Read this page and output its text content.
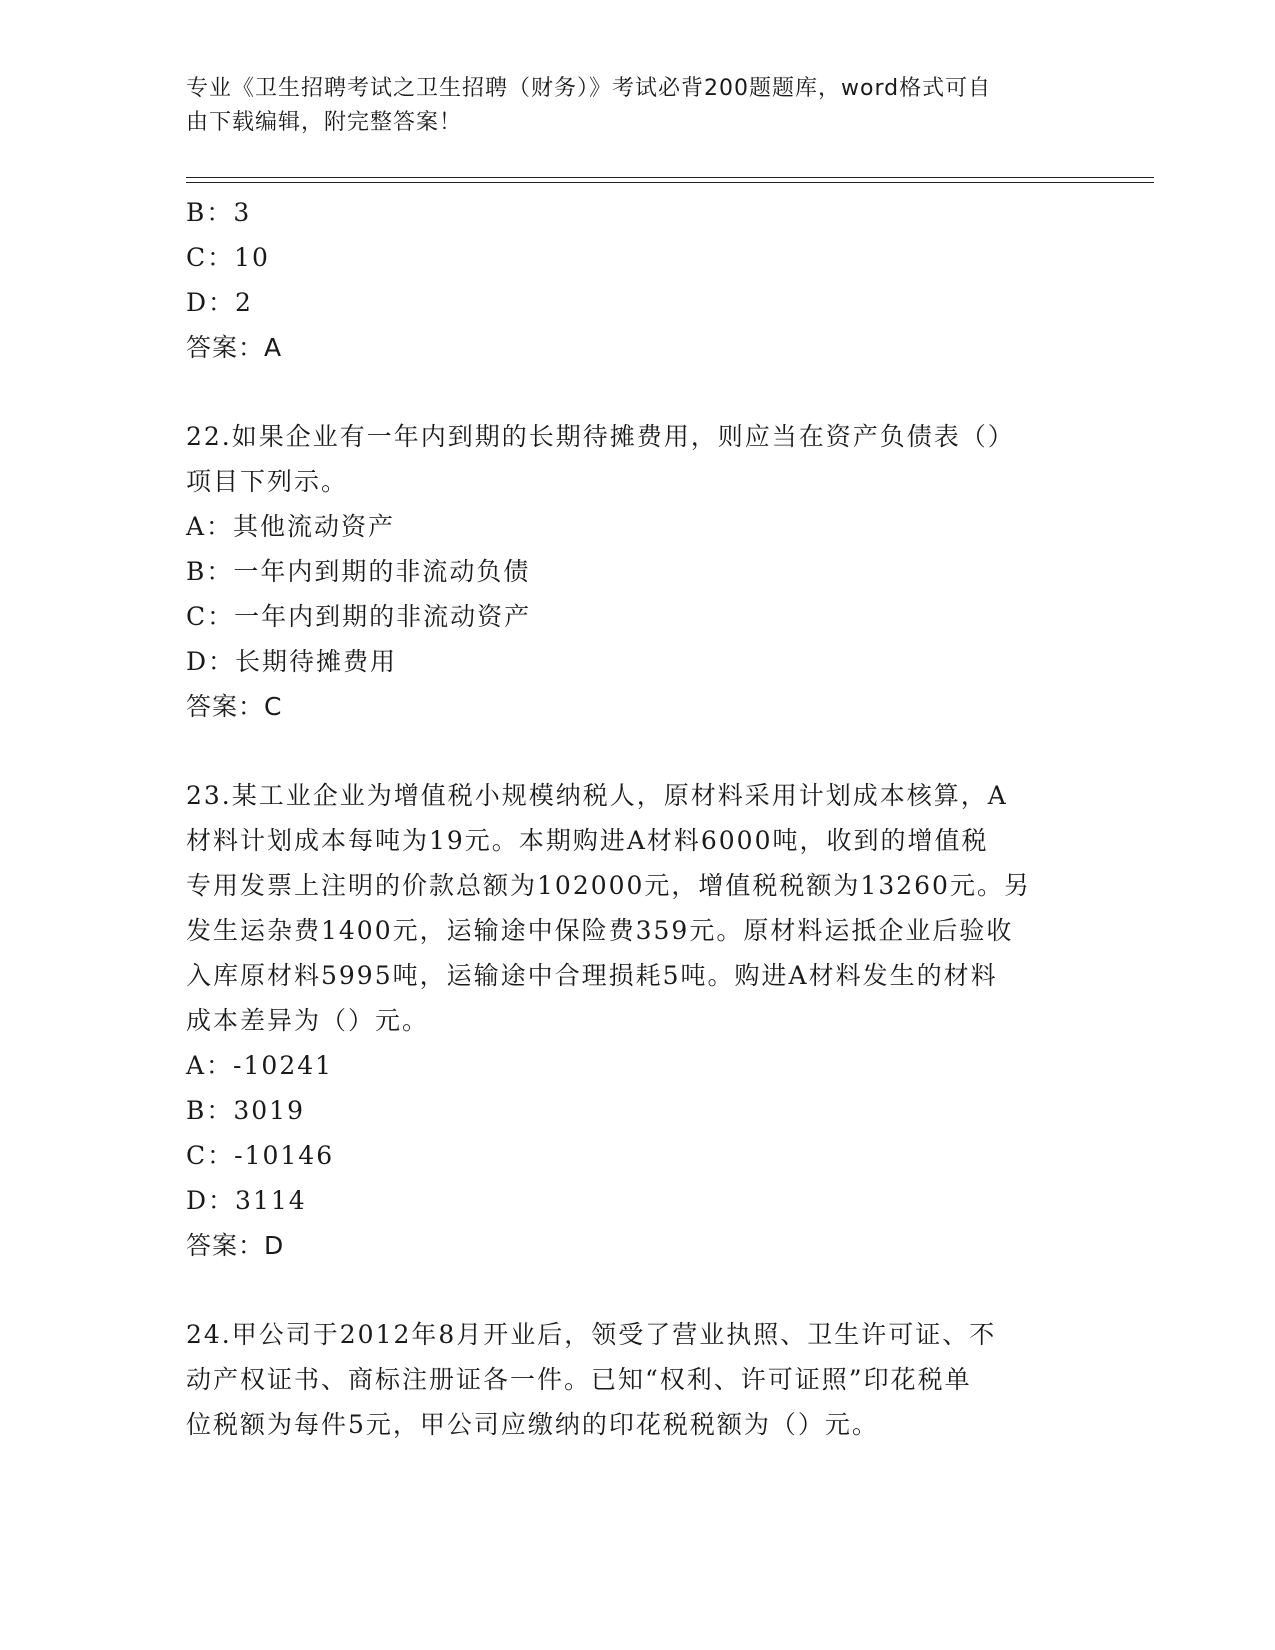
专业《卫生招聘考试之卫生招聘（财务）》考试必背200题题库，word格式可自
由下载编辑，附完整答案！
B：3
C：10
D：2
答案：A
22.如果企业有一年内到期的长期待摊费用，则应当在资产负债表（）
项目下列示。
A：其他流动资产
B：一年内到期的非流动负债
C：一年内到期的非流动资产
D：长期待摊费用
答案：C
23.某工业企业为增值税小规模纳税人，原材料采用计划成本核算，A
材料计划成本每吨为19元。本期购进A材料6000吨，收到的增值税
专用发票上注明的价款总额为102000元，增值税税额为13260元。另
发生运杂费1400元，运输途中保险费359元。原材料运抵企业后验收
入库原材料5995吨，运输途中合理损耗5吨。购进A材料发生的材料
成本差异为（）元。
A：-10241
B：3019
C：-10146
D：3114
答案：D
24.甲公司于2012年8月开业后，领受了营业执照、卫生许可证、不
动产权证书、商标注册证各一件。已知“权利、许可证照”印花税单
位税额为每件5元，甲公司应缴纳的印花税税额为（）元。
